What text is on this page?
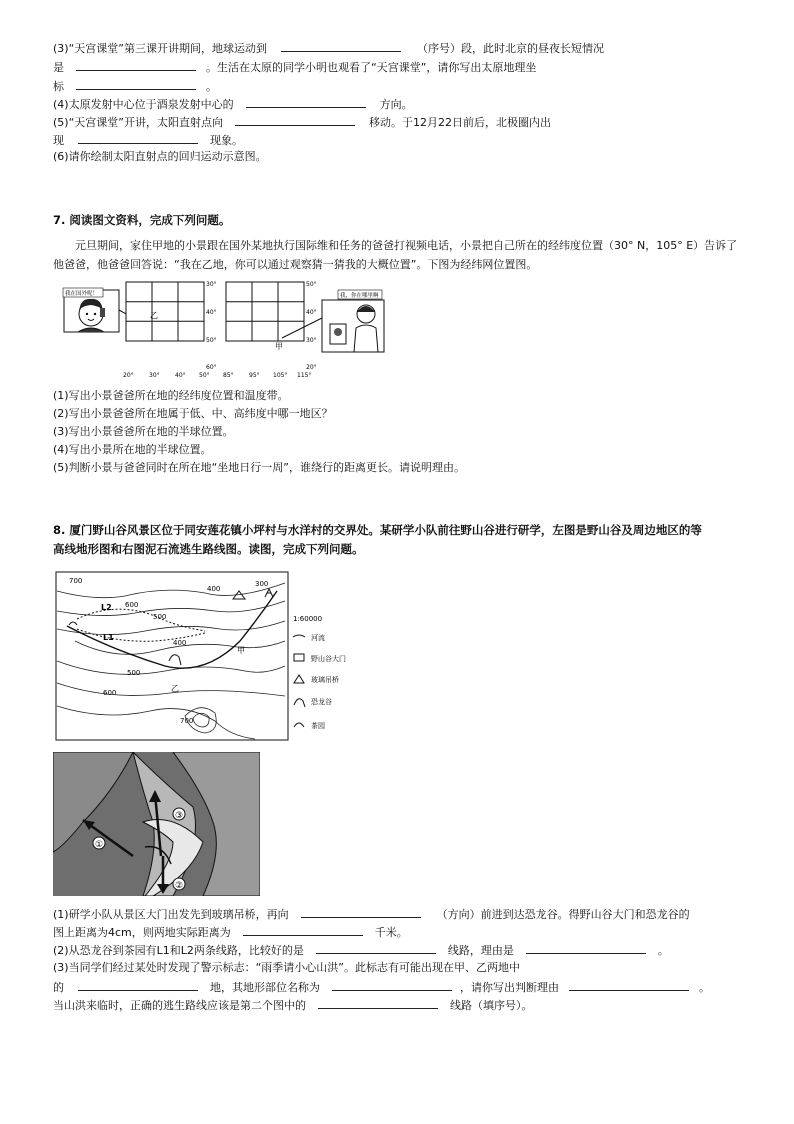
(3)“天宫课堂”第三课开讲期间，地球运动到	（序号）段，此时北京的昼夜长短情况
是	。生活在太原的同学小明也观看了“天宫课堂”，请你写出太原地理坐
标	。
(4)太原发射中心位于酒泉发射中心的	方向。
(5)“天宫课堂”开讲，太阳直射点向	移动。于12月22日前后，北极圈内出
现	现象。
(6)请你绘制太阳直射点的回归运动示意图。
7. 阅读图文资料，完成下列问题。
元旦期间，家住甲地的小景跟在国外某地执行国际维和任务的爸爸打视频电话，小景把自己所在的经纬度位置（30° N，105° E）告诉了他爸爸，他爸爸回答说：“我在乙地，你可以通过观察猜一猜我的大概位置”。下图为经纬网位置图。
我在国外呢！
乙
30°
40°
50°
60°
20°	30°	40° 50°
甲
50°
40°
30°
20°
85°	95° 105° 115°
我，你在哪里啊
(1)写出小景爸爸所在地的经纬度位置和温度带。
(2)写出小景爸爸所在地属于低、中、高纬度中哪一地区？
(3)写出小景爸爸所在地的半球位置。
(4)写出小景所在地的半球位置。
(5)判断小景与爸爸同时在所在地“坐地日行一周”，谁绕行的距离更长。请说明理由。
8. 厦门野山谷风景区位于同安莲花镇小坪村与水洋村的交界处。某研学小队前往野山谷进行研学，左图是野山谷及周边地区的等
高线地形图和右图泥石流逃生路线图。读图，完成下列问题。
700
600
500
400
300
400
500
600
700
L2
L1
甲
乙
1:60000
河流
野山谷大门
玻璃吊桥
恐龙谷
茶园
①
②
③
(1)研学小队从景区大门出发先到玻璃吊桥，再向	（方向）前进到达恐龙谷。得野山谷大门和恐龙谷的
图上距离为4cm，则两地实际距离为	千米。
(2)从恐龙谷到茶园有L1和L2两条线路，比较好的是	线路，理由是	。
(3)当同学们经过某处时发现了警示标志：“雨季请小心山洪”。此标志有可能出现在甲、乙两地中
的	地，其地形部位名称为	，请你写出判断理由	。
当山洪来临时，正确的逃生路线应该是第二个图中的	线路（填序号）。
